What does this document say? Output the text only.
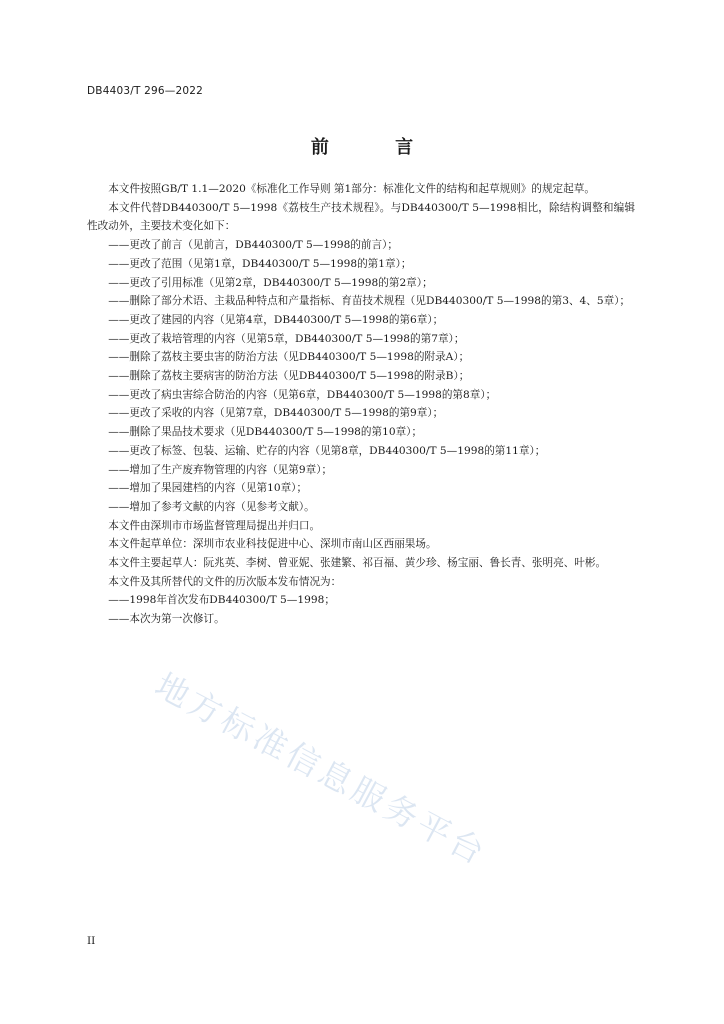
DB4403/T 296—2022
前 言

本文件按照GB/T 1.1—2020《标准化工作导则 第1部分：标准化文件的结构和起草规则》的规定起草。

本文件代替DB440300/T 5—1998《荔枝生产技术规程》。与DB440300/T 5—1998相比，除结构调整和编辑性改动外，主要技术变化如下：

——更改了前言（见前言，DB440300/T 5—1998的前言）；

——更改了范围（见第1章，DB440300/T 5—1998的第1章）；

——更改了引用标准（见第2章，DB440300/T 5—1998的第2章）；

——删除了部分术语、主栽品种特点和产量指标、育苗技术规程（见DB440300/T 5—1998的第3、4、5章）；

——更改了建园的内容（见第4章，DB440300/T 5—1998的第6章）；

——更改了栽培管理的内容（见第5章，DB440300/T 5—1998的第7章）；

——删除了荔枝主要虫害的防治方法（见DB440300/T 5—1998的附录A）；

——删除了荔枝主要病害的防治方法（见DB440300/T 5—1998的附录B）；

——更改了病虫害综合防治的内容（见第6章，DB440300/T 5—1998的第8章）；

——更改了采收的内容（见第7章，DB440300/T 5—1998的第9章）；

——删除了果品技术要求（见DB440300/T 5—1998的第10章）；

——更改了标签、包装、运输、贮存的内容（见第8章，DB440300/T 5—1998的第11章）；

——增加了生产废弃物管理的内容（见第9章）；

——增加了果园建档的内容（见第10章）；

——增加了参考文献的内容（见参考文献）。

本文件由深圳市市场监督管理局提出并归口。

本文件起草单位：深圳市农业科技促进中心、深圳市南山区西丽果场。

本文件主要起草人：阮兆英、李树、曾亚妮、张建繁、祁百福、黄少珍、杨宝丽、鲁长青、张明亮、叶彬。

本文件及其所替代的文件的历次版本发布情况为：

——1998年首次发布DB440300/T 5—1998；

——本次为第一次修订。

地方标准信息服务平台
II
